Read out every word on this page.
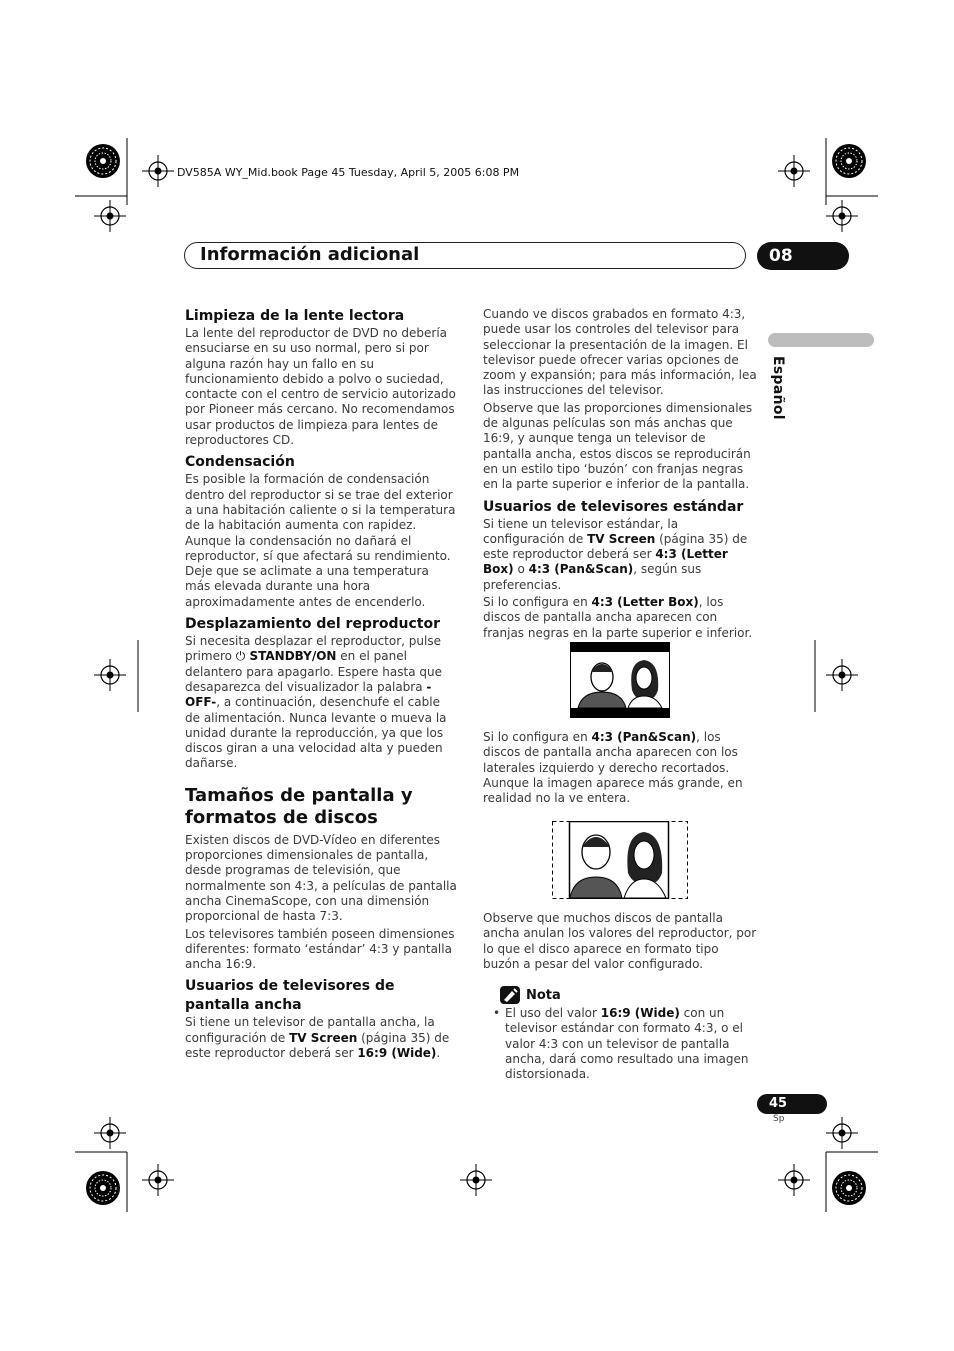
DV585A WY_Mid.book Page 45 Tuesday, April 5, 2005 6:08 PM
Información adicional	08
Español
Limpieza de la lente lectora

La lente del reproductor de DVD no debería ensuciarse en su uso normal, pero si por alguna razón hay un fallo en su funcionamiento debido a polvo o suciedad, contacte con el centro de servicio autorizado por Pioneer más cercano. No recomendamos usar productos de limpieza para lentes de reproductores CD.

Condensación

Es posible la formación de condensación dentro del reproductor si se trae del exterior a una habitación caliente o si la temperatura de la habitación aumenta con rapidez. Aunque la condensación no dañará el reproductor, sí que afectará su rendimiento. Deje que se aclimate a una temperatura más elevada durante una hora aproximadamente antes de encenderlo.

Desplazamiento del reproductor

Si necesita desplazar el reproductor, pulse primero ⏻ STANDBY/ON en el panel delantero para apagarlo. Espere hasta que desaparezca del visualizador la palabra -OFF-, a continuación, desenchufe el cable de alimentación. Nunca levante o mueva la unidad durante la reproducción, ya que los discos giran a una velocidad alta y pueden dañarse.

Tamaños de pantalla y formatos de discos

Existen discos de DVD-Vídeo en diferentes proporciones dimensionales de pantalla, desde programas de televisión, que normalmente son 4:3, a películas de pantalla ancha CinemaScope, con una dimensión proporcional de hasta 7:3.

Los televisores también poseen dimensiones diferentes: formato ‘estándar’ 4:3 y pantalla ancha 16:9.

Usuarios de televisores de pantalla ancha

Si tiene un televisor de pantalla ancha, la configuración de TV Screen (página 35) de este reproductor deberá ser 16:9 (Wide).

Cuando ve discos grabados en formato 4:3, puede usar los controles del televisor para seleccionar la presentación de la imagen. El televisor puede ofrecer varias opciones de zoom y expansión; para más información, lea las instrucciones del televisor.

Observe que las proporciones dimensionales de algunas películas son más anchas que 16:9, y aunque tenga un televisor de pantalla ancha, estos discos se reproducirán en un estilo tipo ‘buzón’ con franjas negras en la parte superior e inferior de la pantalla.

Usuarios de televisores estándar

Si tiene un televisor estándar, la configuración de TV Screen (página 35) de este reproductor deberá ser 4:3 (Letter Box) o 4:3 (Pan&Scan), según sus preferencias.

Si lo configura en 4:3 (Letter Box), los discos de pantalla ancha aparecen con franjas negras en la parte superior e inferior.

Si lo configura en 4:3 (Pan&Scan), los discos de pantalla ancha aparecen con los laterales izquierdo y derecho recortados. Aunque la imagen aparece más grande, en realidad no la ve entera.

Observe que muchos discos de pantalla ancha anulan los valores del reproductor, por lo que el disco aparece en formato tipo buzón a pesar del valor configurado.

Nota
• El uso del valor 16:9 (Wide) con un televisor estándar con formato 4:3, o el valor 4:3 con un televisor de pantalla ancha, dará como resultado una imagen distorsionada.

45
Sp
